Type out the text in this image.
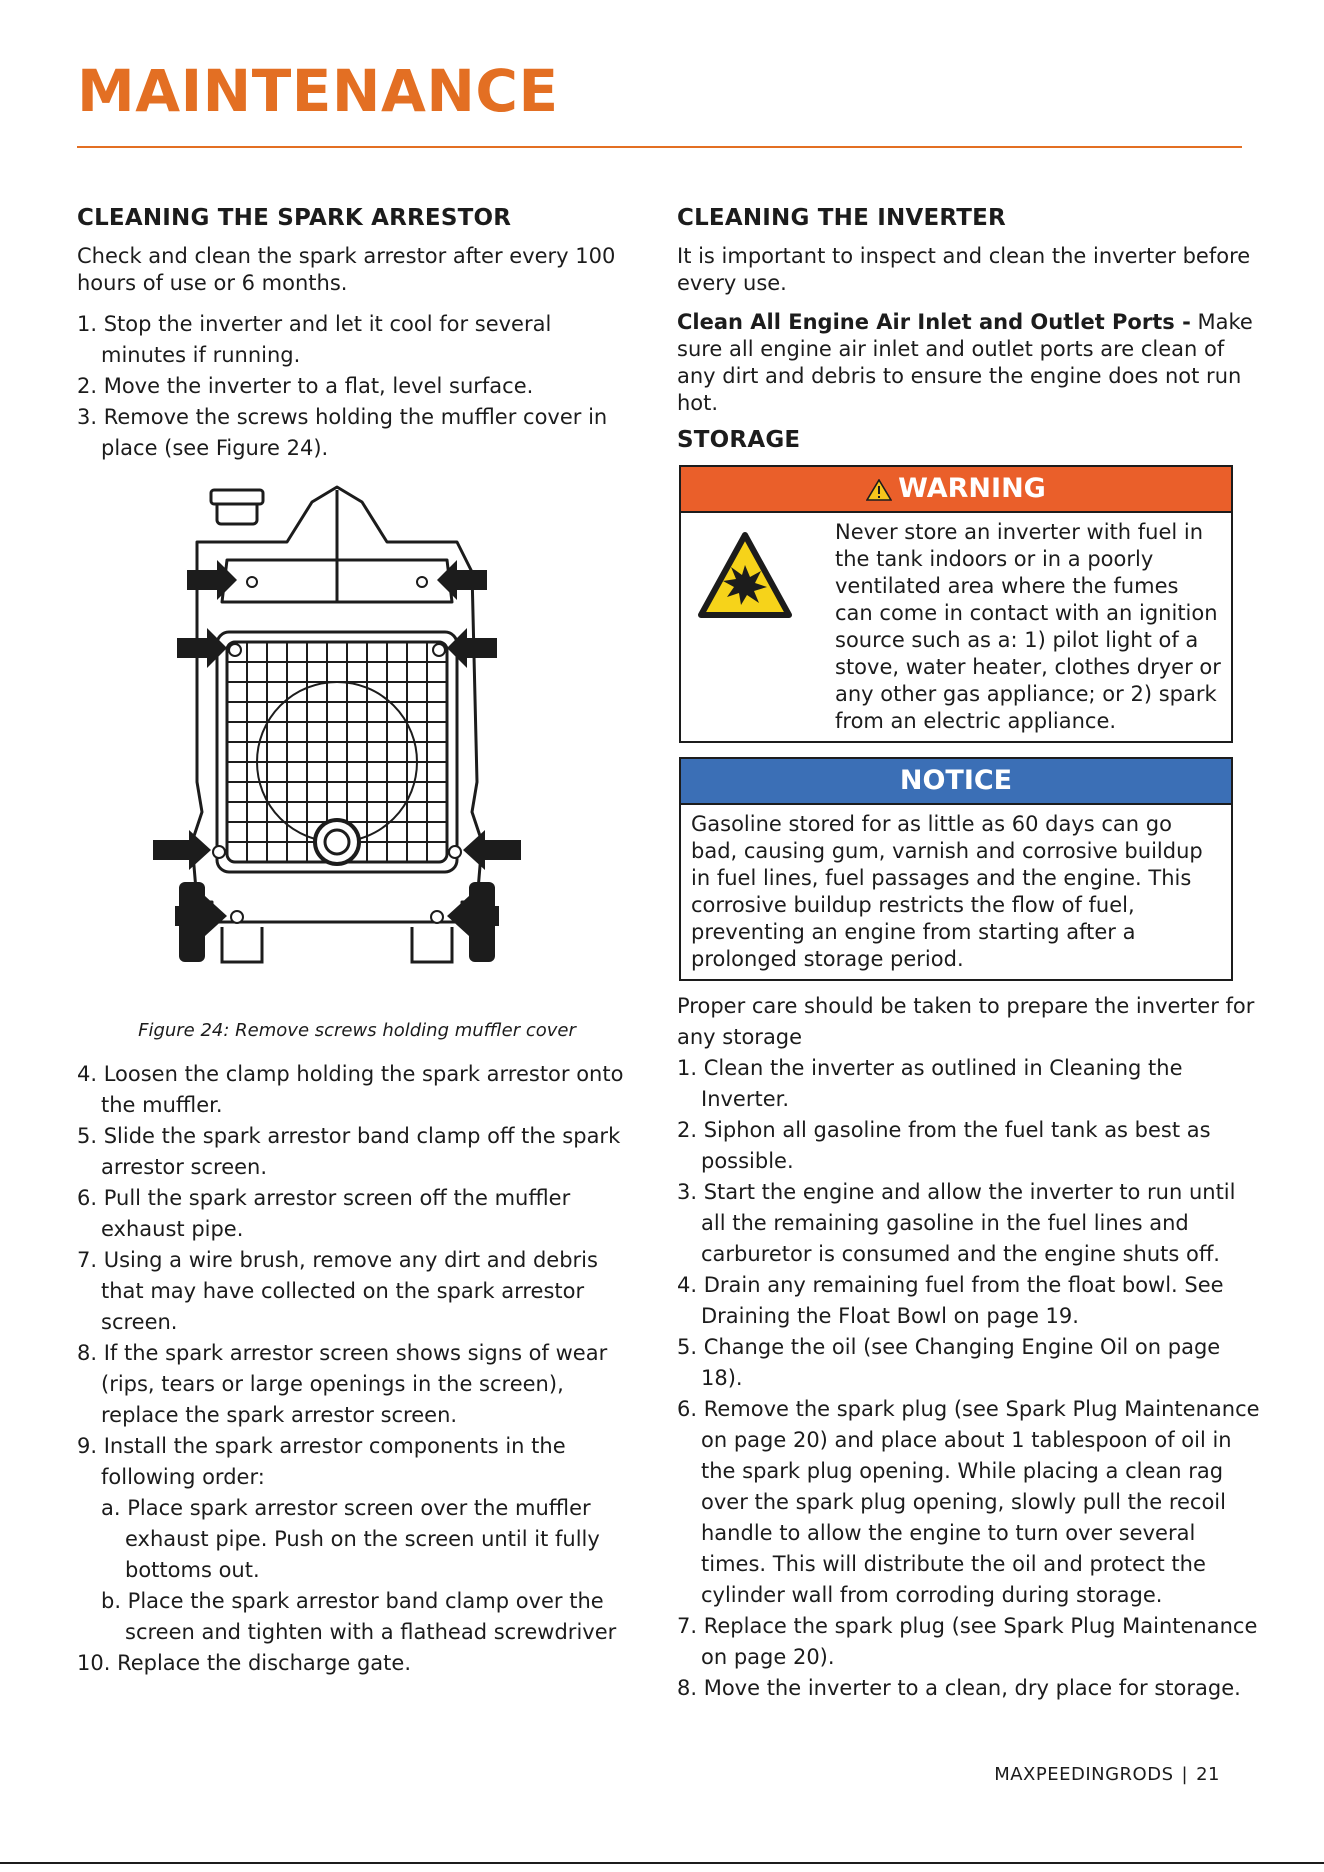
MAINTENANCE
CLEANING THE SPARK ARRESTOR

Check and clean the spark arrestor after every 100 hours of use or 6 months.

1. Stop the inverter and let it cool for several minutes if running.
2. Move the inverter to a flat, level surface.
3. Remove the screws holding the muffler cover in place (see Figure 24).
Figure 24: Remove screws holding muffler cover
4. Loosen the clamp holding the spark arrestor onto the muffler.
5. Slide the spark arrestor band clamp off the spark arrestor screen.
6. Pull the spark arrestor screen off the muffler exhaust pipe.
7. Using a wire brush, remove any dirt and debris that may have collected on the spark arrestor screen.
8. If the spark arrestor screen shows signs of wear (rips, tears or large openings in the screen), replace the spark arrestor screen.
9. Install the spark arrestor components in the following order:
a. Place spark arrestor screen over the muffler exhaust pipe. Push on the screen until it fully bottoms out.
b. Place the spark arrestor band clamp over the screen and tighten with a flathead screwdriver
10. Replace the discharge gate.
CLEANING THE INVERTER

It is important to inspect and clean the inverter before every use.

Clean All Engine Air Inlet and Outlet Ports - Make sure all engine air inlet and outlet ports are clean of any dirt and debris to ensure the engine does not run hot.

STORAGE
WARNING
Never store an inverter with fuel in the tank indoors or in a poorly ventilated area where the fumes can come in contact with an ignition source such as a: 1) pilot light of a stove, water heater, clothes dryer or any other gas appliance; or 2) spark from an electric appliance.
NOTICE
Gasoline stored for as little as 60 days can go bad, causing gum, varnish and corrosive buildup in fuel lines, fuel passages and the engine. This corrosive buildup restricts the flow of fuel, preventing an engine from starting after a prolonged storage period.

Proper care should be taken to prepare the inverter for any storage

1. Clean the inverter as outlined in Cleaning the Inverter.
2. Siphon all gasoline from the fuel tank as best as possible.
3. Start the engine and allow the inverter to run until all the remaining gasoline in the fuel lines and carburetor is consumed and the engine shuts off.
4. Drain any remaining fuel from the float bowl. See Draining the Float Bowl on page 19.
5. Change the oil (see Changing Engine Oil on page 18).
6. Remove the spark plug (see Spark Plug Maintenance on page 20) and place about 1 tablespoon of oil in the spark plug opening. While placing a clean rag over the spark plug opening, slowly pull the recoil handle to allow the engine to turn over several times. This will distribute the oil and protect the cylinder wall from corroding during storage.
7. Replace the spark plug (see Spark Plug Maintenance on page 20).
8. Move the inverter to a clean, dry place for storage.
MAXPEEDINGRODS | 21
